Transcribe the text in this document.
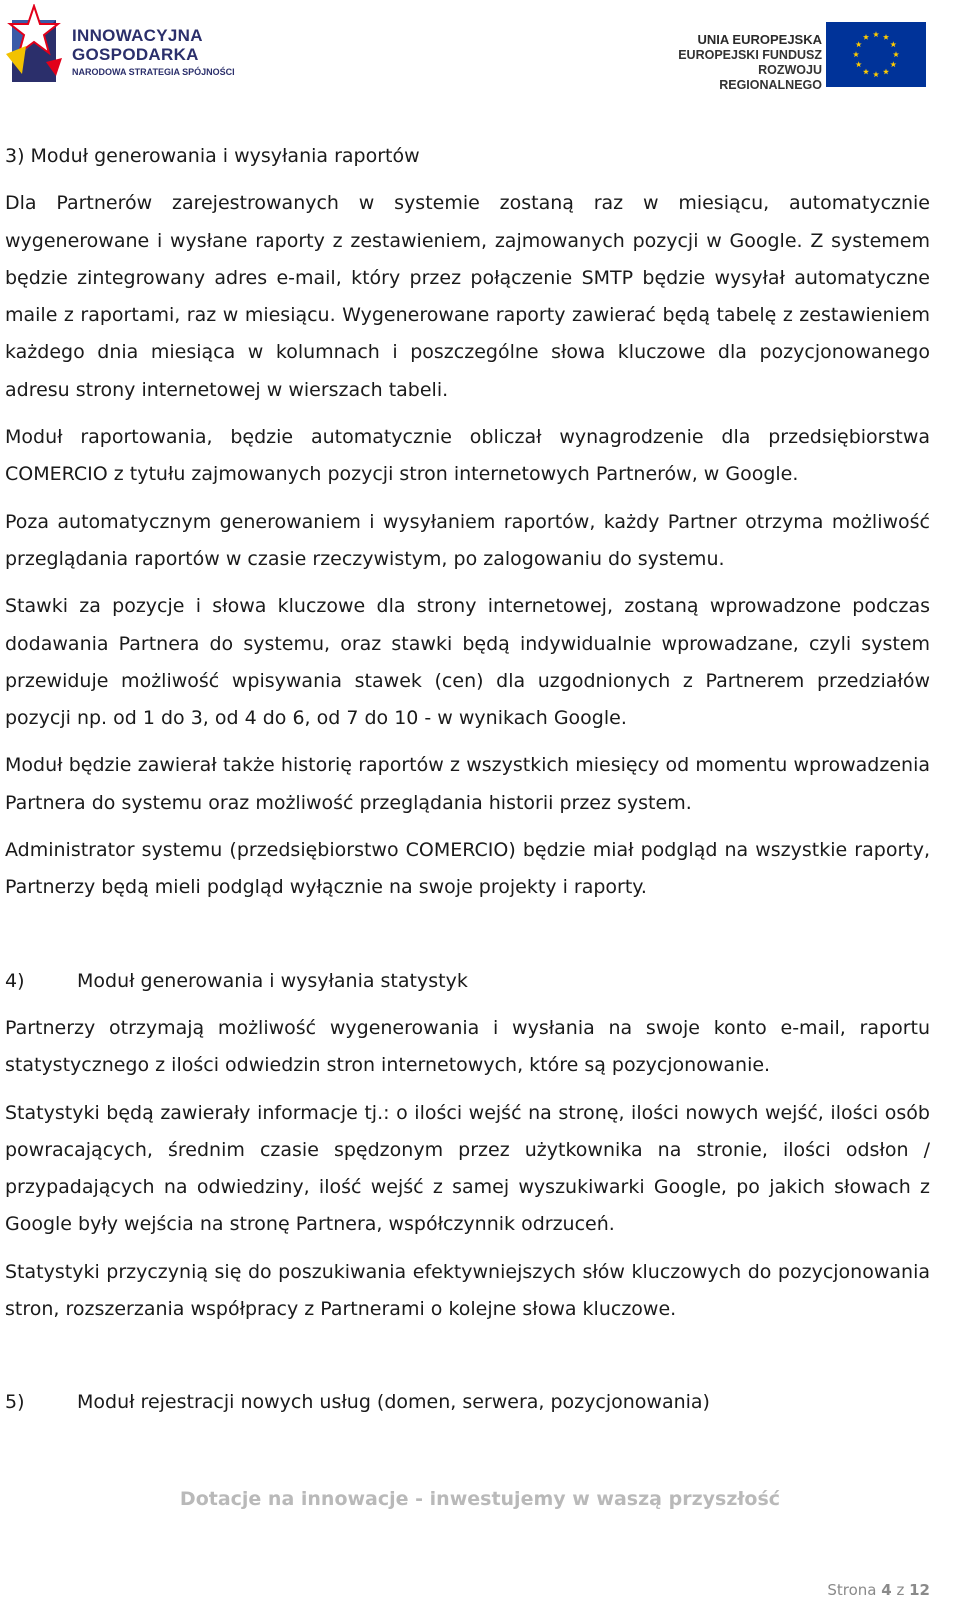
INNOWACYJNA
GOSPODARKA
NARODOWA STRATEGIA SPÓJNOŚCI
UNIA EUROPEJSKA
EUROPEJSKI FUNDUSZ
ROZWOJU REGIONALNEGO

3) Moduł generowania i wysyłania raportów

Dla Partnerów zarejestrowanych w systemie zostaną raz w miesiącu, automatycznie wygenerowane i wysłane raporty z zestawieniem, zajmowanych pozycji w Google. Z systemem będzie zintegrowany adres e-mail, który przez połączenie SMTP będzie wysyłał automatyczne maile z raportami, raz w miesiącu. Wygenerowane raporty zawierać będą tabelę z zestawieniem każdego dnia miesiąca w kolumnach i poszczególne słowa kluczowe dla pozycjonowanego adresu strony internetowej w wierszach tabeli.

Moduł raportowania, będzie automatycznie obliczał wynagrodzenie dla przedsiębiorstwa COMERCIO z tytułu zajmowanych pozycji stron internetowych Partnerów, w Google.

Poza automatycznym generowaniem i wysyłaniem raportów, każdy Partner otrzyma możliwość przeglądania raportów w czasie rzeczywistym, po zalogowaniu do systemu.

Stawki za pozycje i słowa kluczowe dla strony internetowej, zostaną wprowadzone podczas dodawania Partnera do systemu, oraz stawki będą indywidualnie wprowadzane, czyli system przewiduje możliwość wpisywania stawek (cen) dla uzgodnionych z Partnerem przedziałów pozycji np. od 1 do 3, od 4 do 6, od 7 do 10 - w wynikach Google.

Moduł będzie zawierał także historię raportów z wszystkich miesięcy od momentu wprowadzenia Partnera do systemu oraz możliwość przeglądania historii przez system.

Administrator systemu (przedsiębiorstwo COMERCIO) będzie miał podgląd na wszystkie raporty, Partnerzy będą mieli podgląd wyłącznie na swoje projekty i raporty.

4)	Moduł generowania i wysyłania statystyk

Partnerzy otrzymają możliwość wygenerowania i wysłania na swoje konto e-mail, raportu statystycznego z ilości odwiedzin stron internetowych, które są pozycjonowanie.

Statystyki będą zawierały informacje tj.: o ilości wejść na stronę, ilości nowych wejść, ilości osób powracających, średnim czasie spędzonym przez użytkownika na stronie, ilości odsłon / przypadających na odwiedziny, ilość wejść z samej wyszukiwarki Google, po jakich słowach z Google były wejścia na stronę Partnera, współczynnik odrzuceń.

Statystyki przyczynią się do poszukiwania efektywniejszych słów kluczowych do pozycjonowania stron, rozszerzania współpracy z Partnerami o kolejne słowa kluczowe.

5)	Moduł rejestracji nowych usług (domen, serwera, pozycjonowania)

Dotacje na innowacje - inwestujemy w waszą przyszłość
Strona 4 z 12
